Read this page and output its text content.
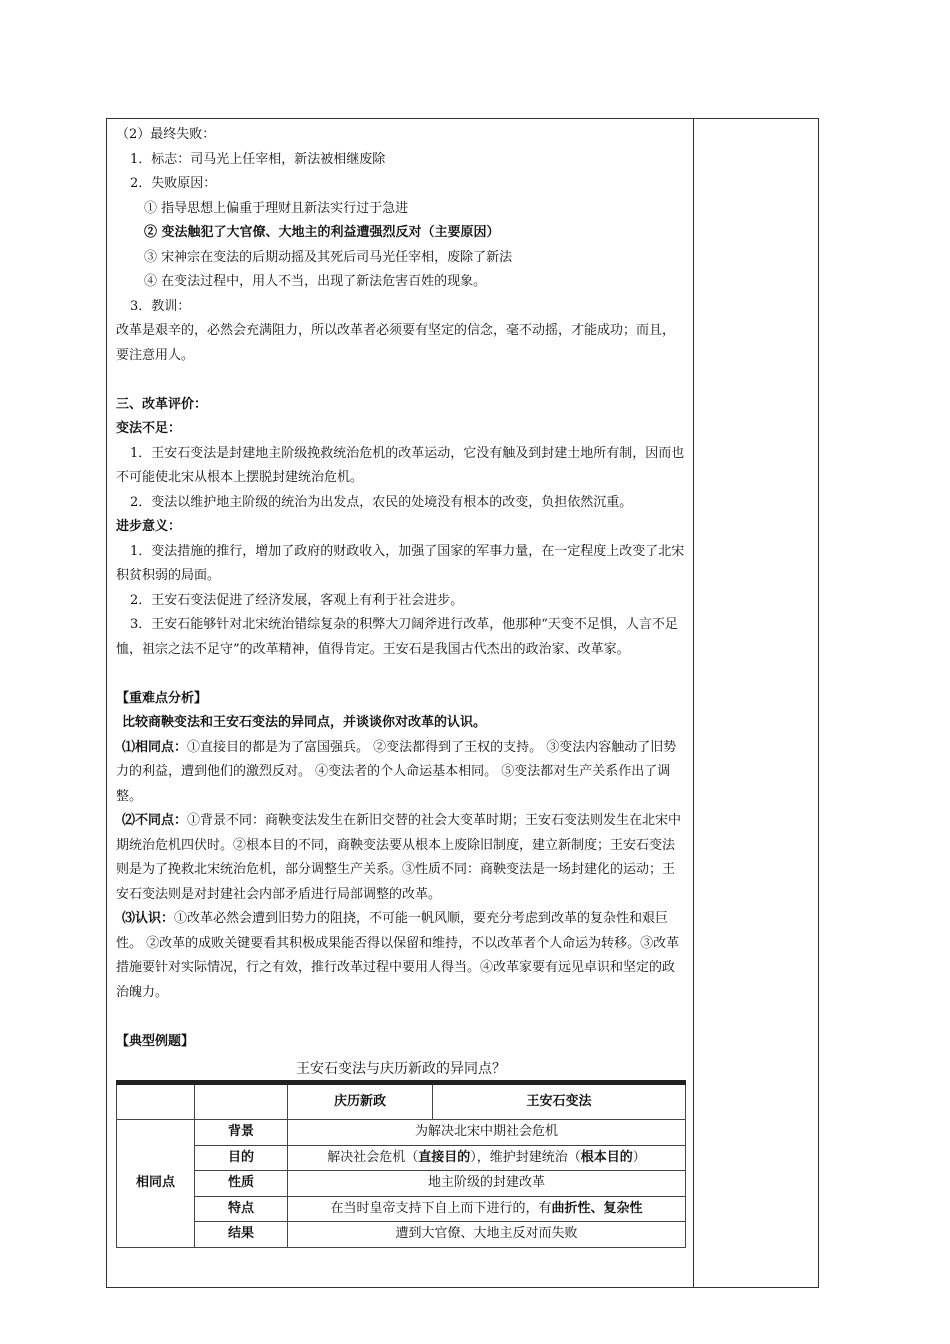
（2）最终失败：

1．标志：司马光上任宰相，新法被相继废除

2．失败原因：

① 指导思想上偏重于理财且新法实行过于急进

② 变法触犯了大官僚、大地主的利益遭强烈反对（主要原因）

③ 宋神宗在变法的后期动摇及其死后司马光任宰相，废除了新法

④ 在变法过程中，用人不当，出现了新法危害百姓的现象。

3．教训：

改革是艰辛的，必然会充满阻力，所以改革者必须要有坚定的信念，毫不动摇，才能成功；而且，要注意用人。

三、改革评价：

变法不足：

1．王安石变法是封建地主阶级挽救统治危机的改革运动，它没有触及到封建土地所有制，因而也不可能使北宋从根本上摆脱封建统治危机。

2．变法以维护地主阶级的统治为出发点，农民的处境没有根本的改变，负担依然沉重。

进步意义：

1．变法措施的推行，增加了政府的财政收入，加强了国家的军事力量，在一定程度上改变了北宋积贫积弱的局面。

2．王安石变法促进了经济发展，客观上有利于社会进步。

3．王安石能够针对北宋统治错综复杂的积弊大刀阔斧进行改革，他那种“天变不足惧，人言不足恤，祖宗之法不足守”的改革精神，值得肯定。王安石是我国古代杰出的政治家、改革家。

【重难点分析】

比较商鞅变法和王安石变法的异同点，并谈谈你对改革的认识。

⑴相同点：①直接目的都是为了富国强兵。 ②变法都得到了王权的支持。 ③变法内容触动了旧势力的利益，遭到他们的激烈反对。 ④变法者的个人命运基本相同。 ⑤变法都对生产关系作出了调整。

⑵不同点：①背景不同：商鞅变法发生在新旧交替的社会大变革时期；王安石变法则发生在北宋中期统治危机四伏时。②根本目的不同，商鞅变法要从根本上废除旧制度，建立新制度；王安石变法则是为了挽救北宋统治危机，部分调整生产关系。③性质不同：商鞅变法是一场封建化的运动；王安石变法则是对封建社会内部矛盾进行局部调整的改革。

⑶认识：①改革必然会遭到旧势力的阻挠，不可能一帆风顺，要充分考虑到改革的复杂性和艰巨性。 ②改革的成败关键要看其积极成果能否得以保留和维持，不以改革者个人命运为转移。③改革措施要针对实际情况，行之有效，推行改革过程中要用人得当。④改革家要有远见卓识和坚定的政治魄力。

【典型例题】

王安石变法与庆历新政的异同点？
		庆历新政	王安石变法
相同点	背景	为解决北宋中期社会危机	
	目的	解决社会危机（直接目的），维护封建统治（根本目的）	
	性质	地主阶级的封建改革	
	特点	在当时皇帝支持下自上而下进行的，有曲折性、复杂性	
	结果	遭到大官僚、大地主反对而失败	
